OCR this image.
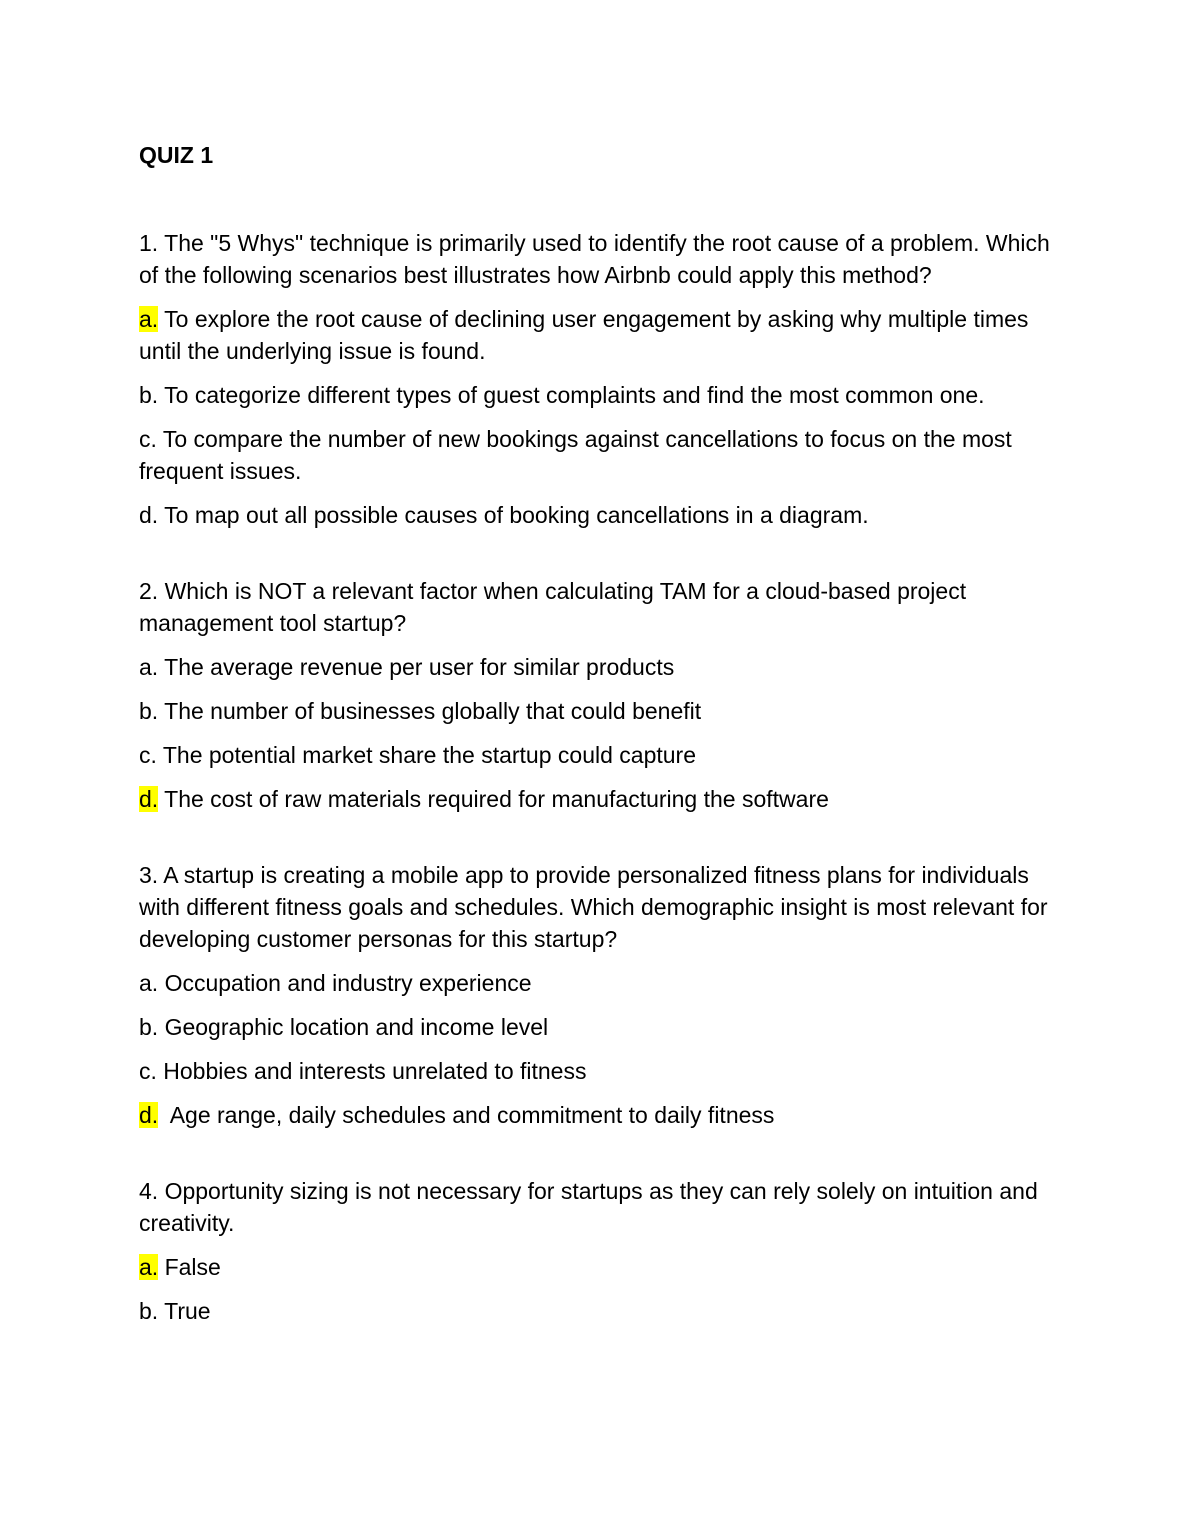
QUIZ 1

1. The "5 Whys" technique is primarily used to identify the root cause of a problem. Which of the following scenarios best illustrates how Airbnb could apply this method?

a. To explore the root cause of declining user engagement by asking why multiple times until the underlying issue is found.

b. To categorize different types of guest complaints and find the most common one.

c. To compare the number of new bookings against cancellations to focus on the most frequent issues.

d. To map out all possible causes of booking cancellations in a diagram.

2. Which is NOT a relevant factor when calculating TAM for a cloud-based project management tool startup?

a. The average revenue per user for similar products

b. The number of businesses globally that could benefit

c. The potential market share the startup could capture

d. The cost of raw materials required for manufacturing the software

3. A startup is creating a mobile app to provide personalized fitness plans for individuals with different fitness goals and schedules. Which demographic insight is most relevant for developing customer personas for this startup?

a. Occupation and industry experience

b. Geographic location and income level

c. Hobbies and interests unrelated to fitness

d.  Age range, daily schedules and commitment to daily fitness

4. Opportunity sizing is not necessary for startups as they can rely solely on intuition and creativity.

a. False

b. True
